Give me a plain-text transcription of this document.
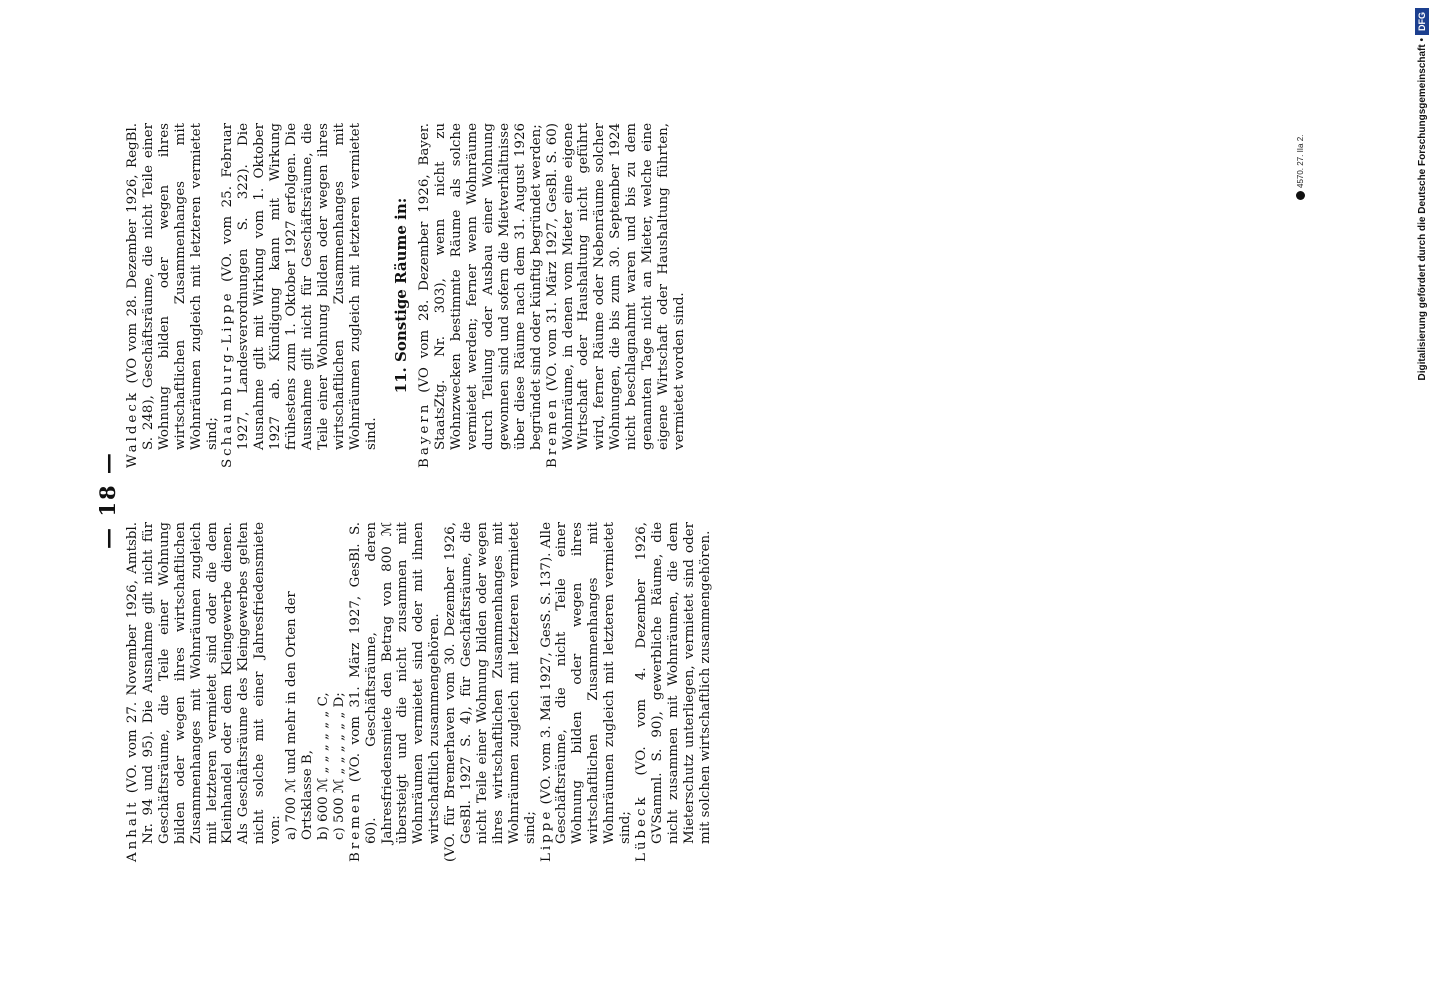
— 18 —

Anhalt (VO. vom 27. November 1926, Amtsbl. Nr. 94 und 95). Die Ausnahme gilt nicht für Geschäftsräume, die Teile einer Wohnung bilden oder wegen ihres wirtschaftlichen Zusammenhanges mit Wohnräumen zugleich mit letzteren vermietet sind oder die dem Kleinhandel oder dem Kleingewerbe dienen. Als Geschäftsräume des Kleingewerbes gelten nicht solche mit einer Jahresfriedensmiete von: a) 700 ℳ und mehr in den Orten der Ortsklasse B, b) 600 ℳ „ „ „ „ „ „ C, c) 500 ℳ „ „ „ „ „ „ D; Bremen (VO. vom 31. März 1927, GesBl. S. 60). Geschäftsräume, deren Jahresfriedensmiete den Betrag von 800 ℳ übersteigt und die nicht zusammen mit Wohnräumen vermietet sind oder mit ihnen wirtschaftlich zusammengehören. (VO. für Bremerhaven vom 30. Dezember 1926, GesBl. 1927 S. 4), für Geschäftsräume, die nicht Teile einer Wohnung bilden oder wegen ihres wirtschaftlichen Zusammenhanges mit Wohnräumen zugleich mit letzteren vermietet sind; Lippe (VO. vom 3. Mai 1927, GesS. S. 137). Alle Geschäftsräume, die nicht Teile einer Wohnung bilden oder wegen ihres wirtschaftlichen Zusammenhanges mit Wohnräumen zugleich mit letzteren vermietet sind; Lübeck (VO. vom 4. Dezember 1926, GVSamml. S. 90), gewerbliche Räume, die nicht zusammen mit Wohnräumen, die dem Mieterschutz unterliegen, vermietet sind oder mit solchen wirtschaftlich zusammengehören.

Waldeck (VO vom 28. Dezember 1926, RegBl. S. 248), Geschäftsräume, die nicht Teile einer Wohnung bilden oder wegen ihres wirtschaftlichen Zusammenhanges mit Wohnräumen zugleich mit letzteren vermietet sind; Schaumburg-Lippe (VO. vom 25. Februar 1927, Landesverordnungen S. 322). Die Ausnahme gilt mit Wirkung vom 1. Oktober 1927 ab. Kündigung kann mit Wirkung frühestens zum 1. Oktober 1927 erfolgen. Die Ausnahme gilt nicht für Geschäftsräume, die Teile einer Wohnung bilden oder wegen ihres wirtschaftlichen Zusammenhanges mit Wohnräumen zugleich mit letzteren vermietet sind.

11. Sonstige Räume in:

Bayern (VO vom 28. Dezember 1926, Bayer. StaatsZtg. Nr. 303), wenn nicht zu Wohnzwecken bestimmte Räume als solche vermietet werden; ferner wenn Wohnräume durch Teilung oder Ausbau einer Wohnung gewonnen sind und sofern die Mietverhältnisse über diese Räume nach dem 31. August 1926 begründet sind oder künftig begründet werden; Bremen (VO. vom 31. März 1927, GesBl. S. 60) Wohnräume, in denen vom Mieter eine eigene Wirtschaft oder Haushaltung nicht geführt wird, ferner Räume oder Nebenräume solcher Wohnungen, die bis zum 30. September 1924 nicht beschlagnahmt waren und bis zu dem genannten Tage nicht an Mieter, welche eine eigene Wirtschaft oder Haushaltung führten, vermietet worden sind.

4570. 27. IIa 2.	Digitalisierung gefördert durch die Deutsche Forschungsgemeinschaft •
DFG
